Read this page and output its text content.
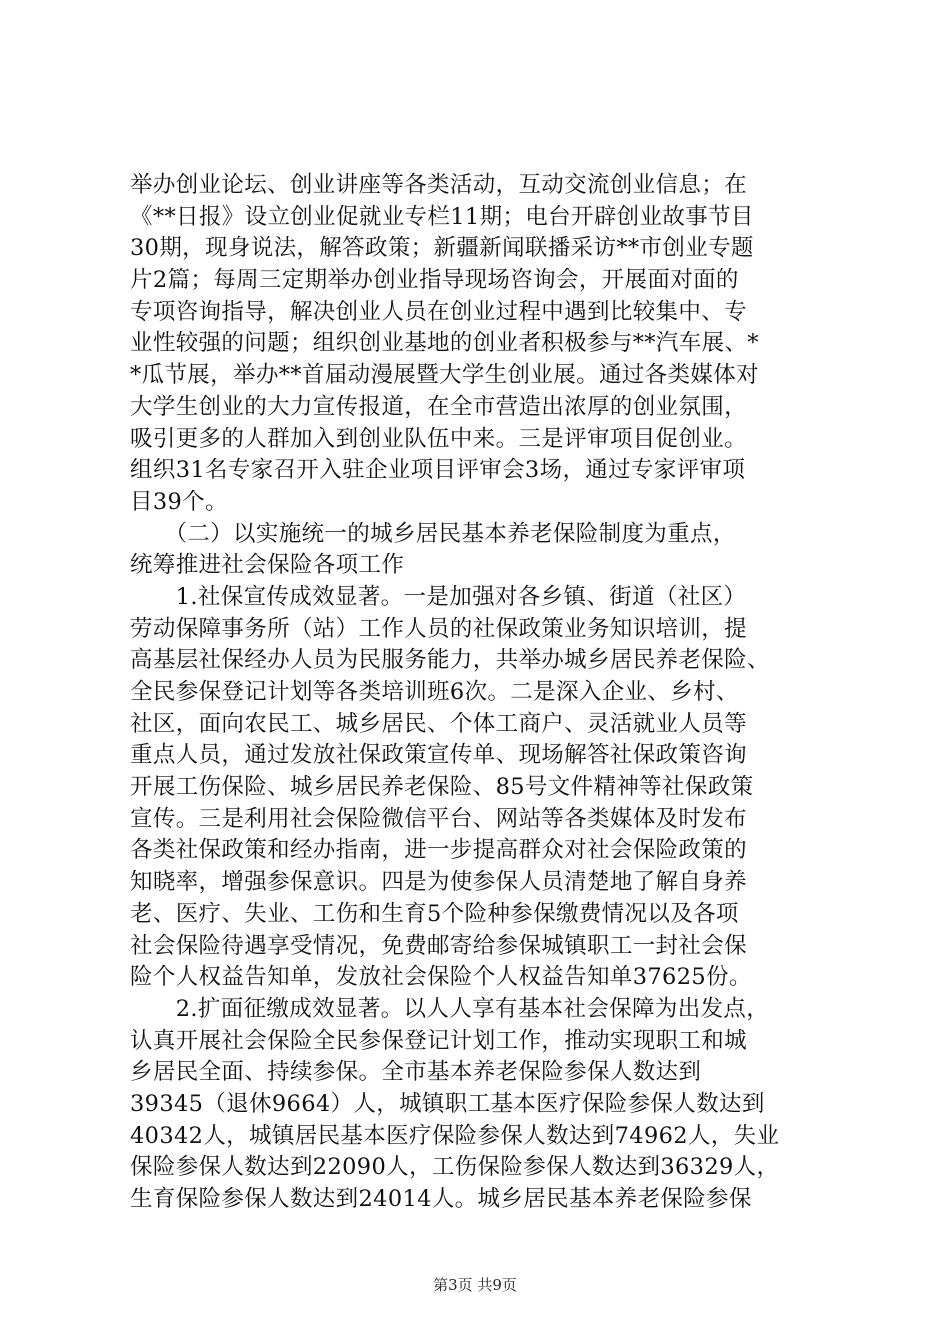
举办创业论坛、创业讲座等各类活动，互动交流创业信息；在
《**日报》设立创业促就业专栏11期；电台开辟创业故事节目
30期，现身说法，解答政策；新疆新闻联播采访**市创业专题
片2篇；每周三定期举办创业指导现场咨询会，开展面对面的
专项咨询指导，解决创业人员在创业过程中遇到比较集中、专
业性较强的问题；组织创业基地的创业者积极参与**汽车展、*
*瓜节展，举办**首届动漫展暨大学生创业展。通过各类媒体对
大学生创业的大力宣传报道，在全市营造出浓厚的创业氛围，
吸引更多的人群加入到创业队伍中来。三是评审项目促创业。
组织31名专家召开入驻企业项目评审会3场，通过专家评审项
目39个。
　　（二）以实施统一的城乡居民基本养老保险制度为重点，
统筹推进社会保险各项工作
　　1.社保宣传成效显著。一是加强对各乡镇、街道（社区）
劳动保障事务所（站）工作人员的社保政策业务知识培训，提
高基层社保经办人员为民服务能力，共举办城乡居民养老保险、
全民参保登记计划等各类培训班6次。二是深入企业、乡村、
社区，面向农民工、城乡居民、个体工商户、灵活就业人员等
重点人员，通过发放社保政策宣传单、现场解答社保政策咨询
开展工伤保险、城乡居民养老保险、85号文件精神等社保政策
宣传。三是利用社会保险微信平台、网站等各类媒体及时发布
各类社保政策和经办指南，进一步提高群众对社会保险政策的
知晓率，增强参保意识。四是为使参保人员清楚地了解自身养
老、医疗、失业、工伤和生育5个险种参保缴费情况以及各项
社会保险待遇享受情况，免费邮寄给参保城镇职工一封社会保
险个人权益告知单，发放社会保险个人权益告知单37625份。
　　2.扩面征缴成效显著。以人人享有基本社会保障为出发点，
认真开展社会保险全民参保登记计划工作，推动实现职工和城
乡居民全面、持续参保。全市基本养老保险参保人数达到
39345（退休9664）人，城镇职工基本医疗保险参保人数达到
40342人，城镇居民基本医疗保险参保人数达到74962人，失业
保险参保人数达到22090人，工伤保险参保人数达到36329人，
生育保险参保人数达到24014人。城乡居民基本养老保险参保
第3页 共9页
